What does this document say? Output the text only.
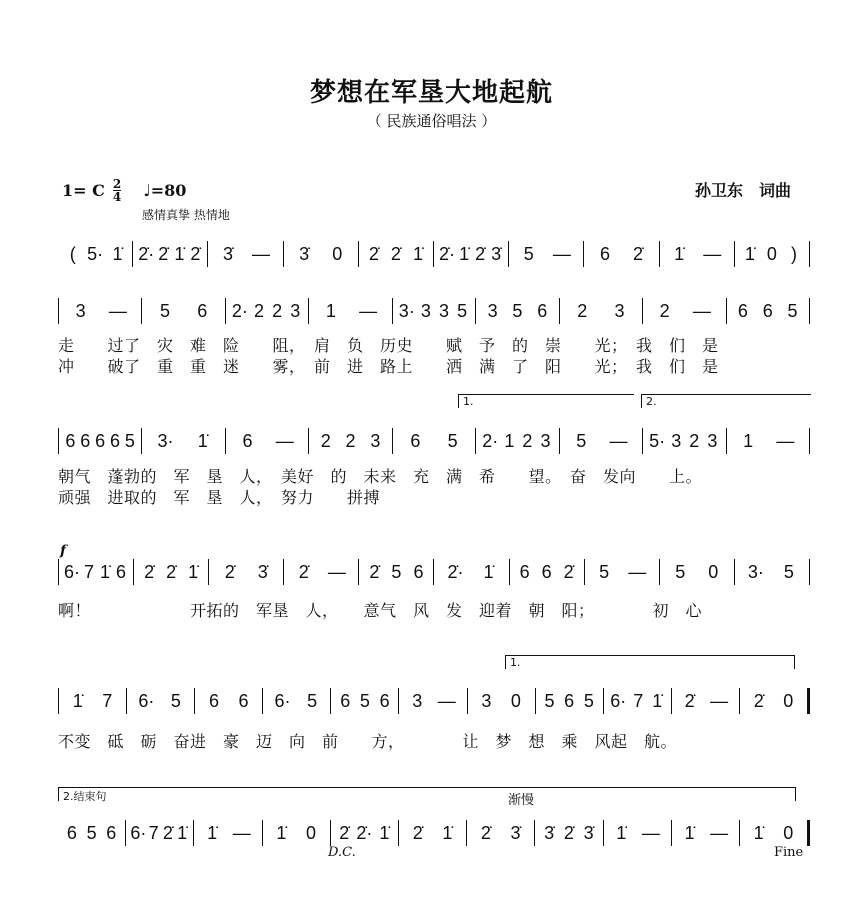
梦想在军垦大地起航
（ 民族通俗唱法 ）
1= C 2
4 ♩=80
感情真挚 热情地
孙卫东　词曲
1.	2.
1.
2.结束句
f
渐慢
D.C.	Fine
( 5· 1̇ 2̇· 2̇ 1̇ 2̇ 3̇ — 3̇ 0 2̇ 2̇ 1̇ 2̇· 1̇ 2̇ 3̇ 5 — 6 2̇ 1̇ — 1̇ 0 )
3 — 5 6 2· 2 2 3 1 — 3· 3 3 5 3 5 6 2 3 2 — 6 6 5
走　　过了　灾　难　险　　阻，　肩　负　历史　　赋　予　的　崇　　光；　我　们　是
冲　　破了　重　重　迷　　雾，　前　进　路上　　洒　满　了　阳　　光；　我　们　是
6 6 6 6 5 3· 1̇ 6 — 2 2 3 6 5 2· 1 2 3 5 — 5· 3 2 3 1 —
朝气　蓬勃的　军　垦　人，　美好　的　未来　充　满　希　　望。　奋　发向　　上。
顽强　进取的　军　垦　人，　努力　　拼搏
6· 7 1̇ 6 2̇ 2̇ 1̇ 2̇ 3̇ 2̇ — 2̇ 5 6 2̇· 1̇ 6 6 2̇ 5 — 5 0 3· 5
啊！　　　　　　开拓的　军垦　人，　　意气　风　发　迎着　朝　阳；　　　　初　心
1̇ 7 6· 5 6 6 6· 5 6 5 6 3 — 3 0 5 6 5 6· 7 1̇ 2̇ — 2̇ 0
不变　砥　砺　奋进　豪　迈　向　前　　方，　　　　让　梦　想　乘　风起　航。
6 5 6 6· 7 2̇ 1̇ 1̇ — 1̇ 0 2̇ 2̇· 1̇ 2̇ 1̇ 2̇ 3̇ 3̇ 2̇ 3̇ 1̇ — 1̇ — 1̇ 0
